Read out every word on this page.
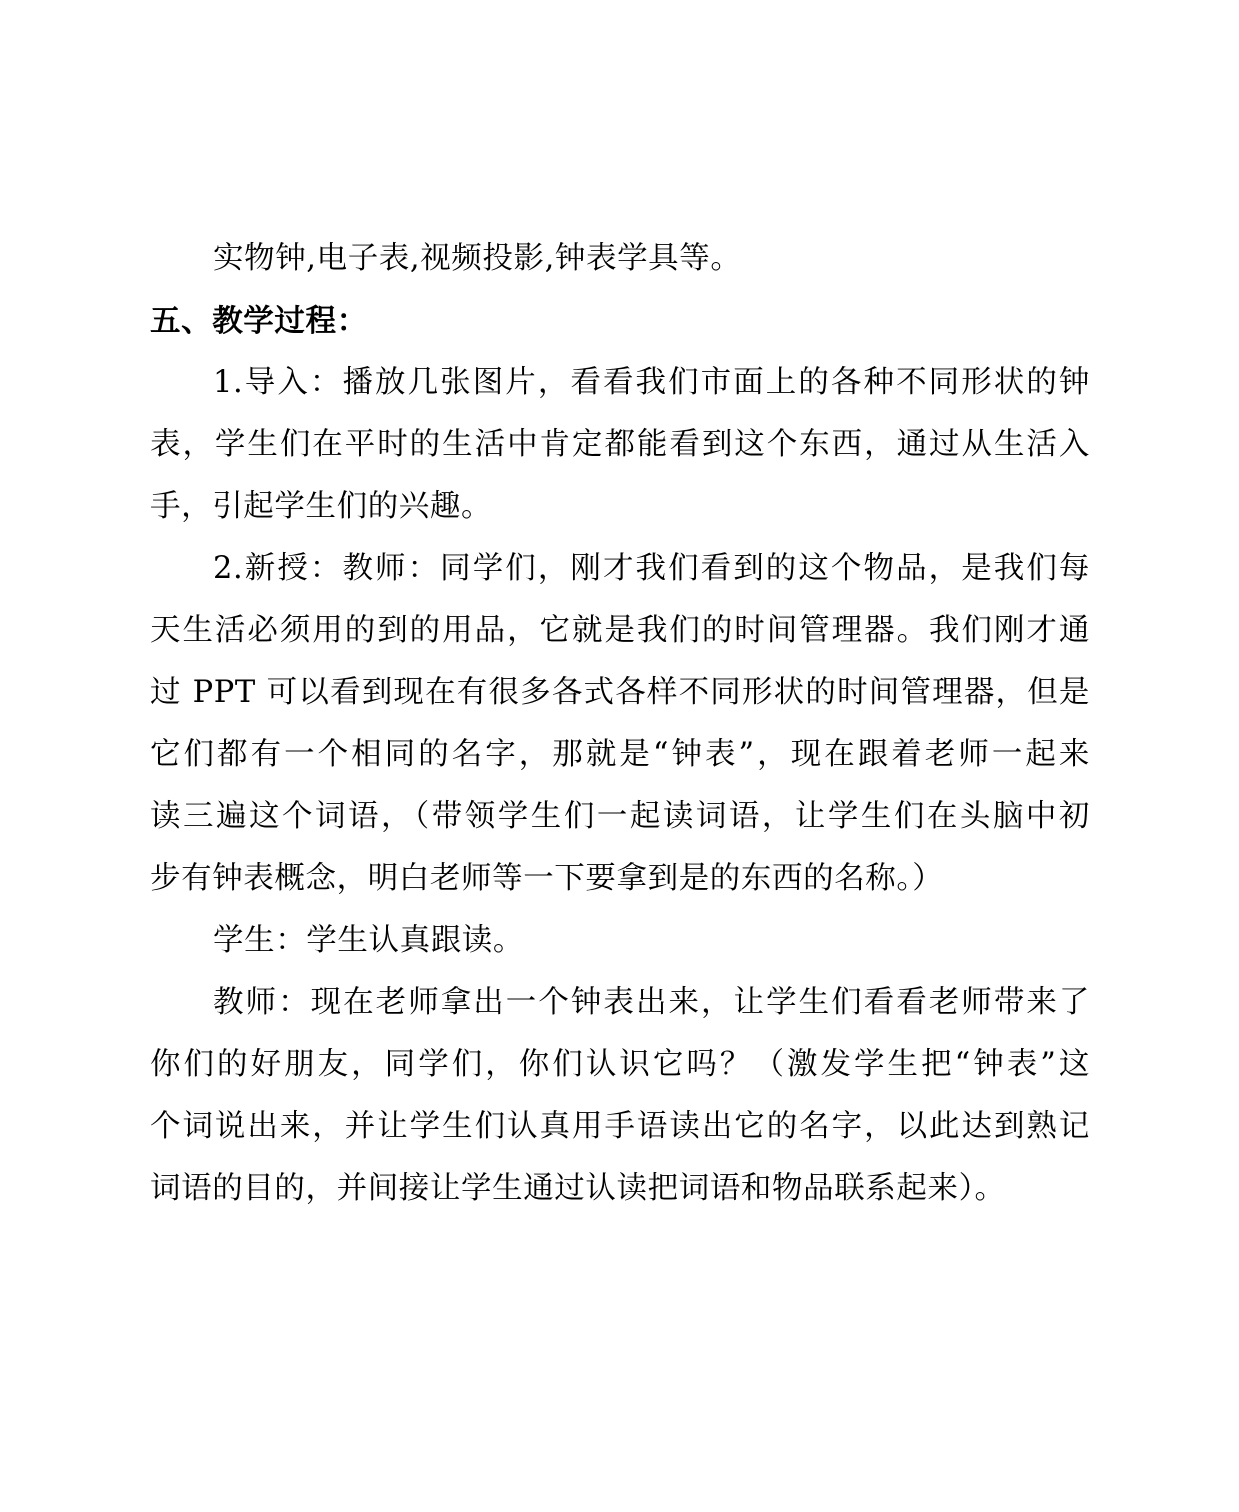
实物钟,电子表,视频投影,钟表学具等。
五、教学过程：
1.导入：播放几张图片，看看我们市面上的各种不同形状的钟
表，学生们在平时的生活中肯定都能看到这个东西，通过从生活入
手，引起学生们的兴趣。
2.新授：教师：同学们，刚才我们看到的这个物品，是我们每
天生活必须用的到的用品，它就是我们的时间管理器。我们刚才通
过 PPT 可以看到现在有很多各式各样不同形状的时间管理器，但是
它们都有一个相同的名字，那就是“钟表”，现在跟着老师一起来
读三遍这个词语，（带领学生们一起读词语，让学生们在头脑中初
步有钟表概念，明白老师等一下要拿到是的东西的名称。）
学生：学生认真跟读。
教师：现在老师拿出一个钟表出来，让学生们看看老师带来了
你们的好朋友，同学们，你们认识它吗？（激发学生把“钟表”这
个词说出来，并让学生们认真用手语读出它的名字，以此达到熟记
词语的目的，并间接让学生通过认读把词语和物品联系起来）。
